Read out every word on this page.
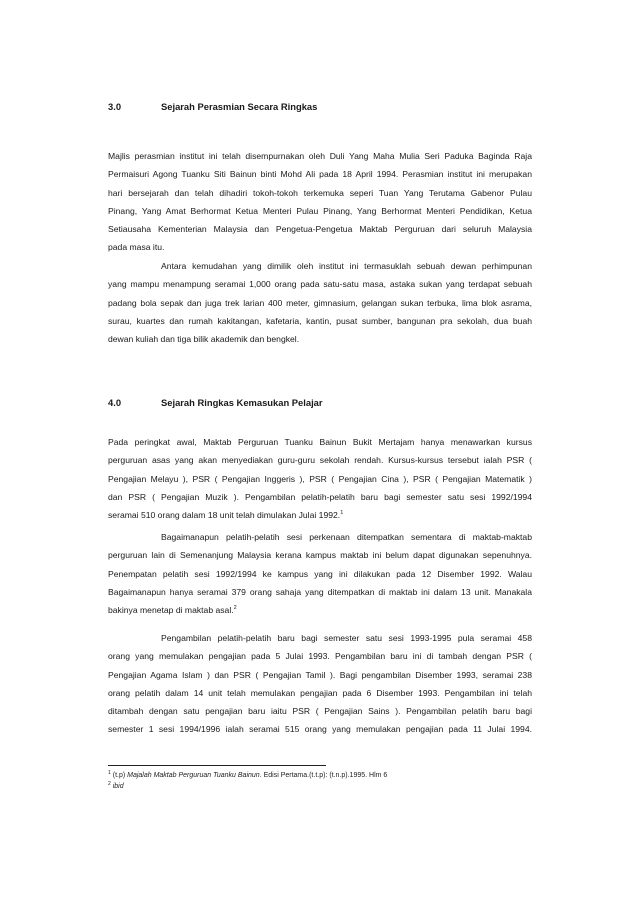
3.0	Sejarah Perasmian Secara Ringkas
Majlis perasmian institut ini telah disempurnakan oleh Duli Yang Maha Mulia Seri Paduka Baginda Raja
Permaisuri Agong Tuanku Siti Bainun binti Mohd Ali pada 18 April 1994. Perasmian institut ini merupakan
hari bersejarah dan telah dihadiri tokoh-tokoh terkemuka seperi Tuan Yang Terutama Gabenor Pulau
Pinang, Yang Amat Berhormat Ketua Menteri Pulau Pinang, Yang Berhormat Menteri Pendidikan, Ketua
Setiausaha Kementerian Malaysia dan Pengetua-Pengetua Maktab Perguruan dari seluruh Malaysia
pada masa itu.
Antara kemudahan yang dimilik oleh institut ini termasuklah sebuah dewan perhimpunan
yang mampu menampung seramai 1,000 orang pada satu-satu masa, astaka sukan yang terdapat sebuah
padang bola sepak dan juga trek larian 400 meter, gimnasium, gelangan sukan terbuka, lima blok asrama,
surau, kuartes dan rumah kakitangan, kafetaria, kantin, pusat sumber, bangunan pra sekolah, dua buah
dewan kuliah dan tiga bilik akademik dan bengkel.
4.0	Sejarah Ringkas Kemasukan Pelajar
Pada peringkat awal, Maktab Perguruan Tuanku Bainun Bukit Mertajam hanya menawarkan kursus
perguruan asas yang akan menyediakan guru-guru sekolah rendah. Kursus-kursus tersebut ialah PSR (
Pengajian Melayu ), PSR ( Pengajian Inggeris ), PSR ( Pengajian Cina ), PSR ( Pengajian Matematik )
dan PSR ( Pengajian Muzik ). Pengambilan pelatih-pelatih baru bagi semester satu sesi 1992/1994
seramai 510 orang dalam 18 unit telah dimulakan Julai 1992.$^1$
Bagaimanapun pelatih-pelatih sesi perkenaan ditempatkan sementara di maktab-maktab
perguruan lain di Semenanjung Malaysia kerana kampus maktab ini belum dapat digunakan sepenuhnya.
Penempatan pelatih sesi 1992/1994 ke kampus yang ini dilakukan pada 12 Disember 1992. Walau
Bagaimanapun hanya seramai 379 orang sahaja yang ditempatkan di maktab ini dalam 13 unit. Manakala
bakinya menetap di maktab asal.$^2$
Pengambilan pelatih-pelatih baru bagi semester satu sesi 1993-1995 pula seramai 458
orang yang memulakan pengajian pada 5 Julai 1993. Pengambilan baru ini di tambah dengan PSR (
Pengajian Agama Islam ) dan PSR ( Pengajian Tamil ). Bagi pengambilan Disember 1993, seramai 238
orang pelatih dalam 14 unit telah memulakan pengajian pada 6 Disember 1993. Pengambilan ini telah
ditambah dengan satu pengajian baru iaitu PSR ( Pengajian Sains ). Pengambilan pelatih baru bagi
semester 1 sesi 1994/1996 ialah seramai 515 orang yang memulakan pengajian pada 11 Julai 1994.
$^1$ (t.p) Majalah Maktab Perguruan Tuanku Bainun. Edisi Pertama.(t.t.p): (t.n.p).1995. Hlm 6
$^2$ ibid
